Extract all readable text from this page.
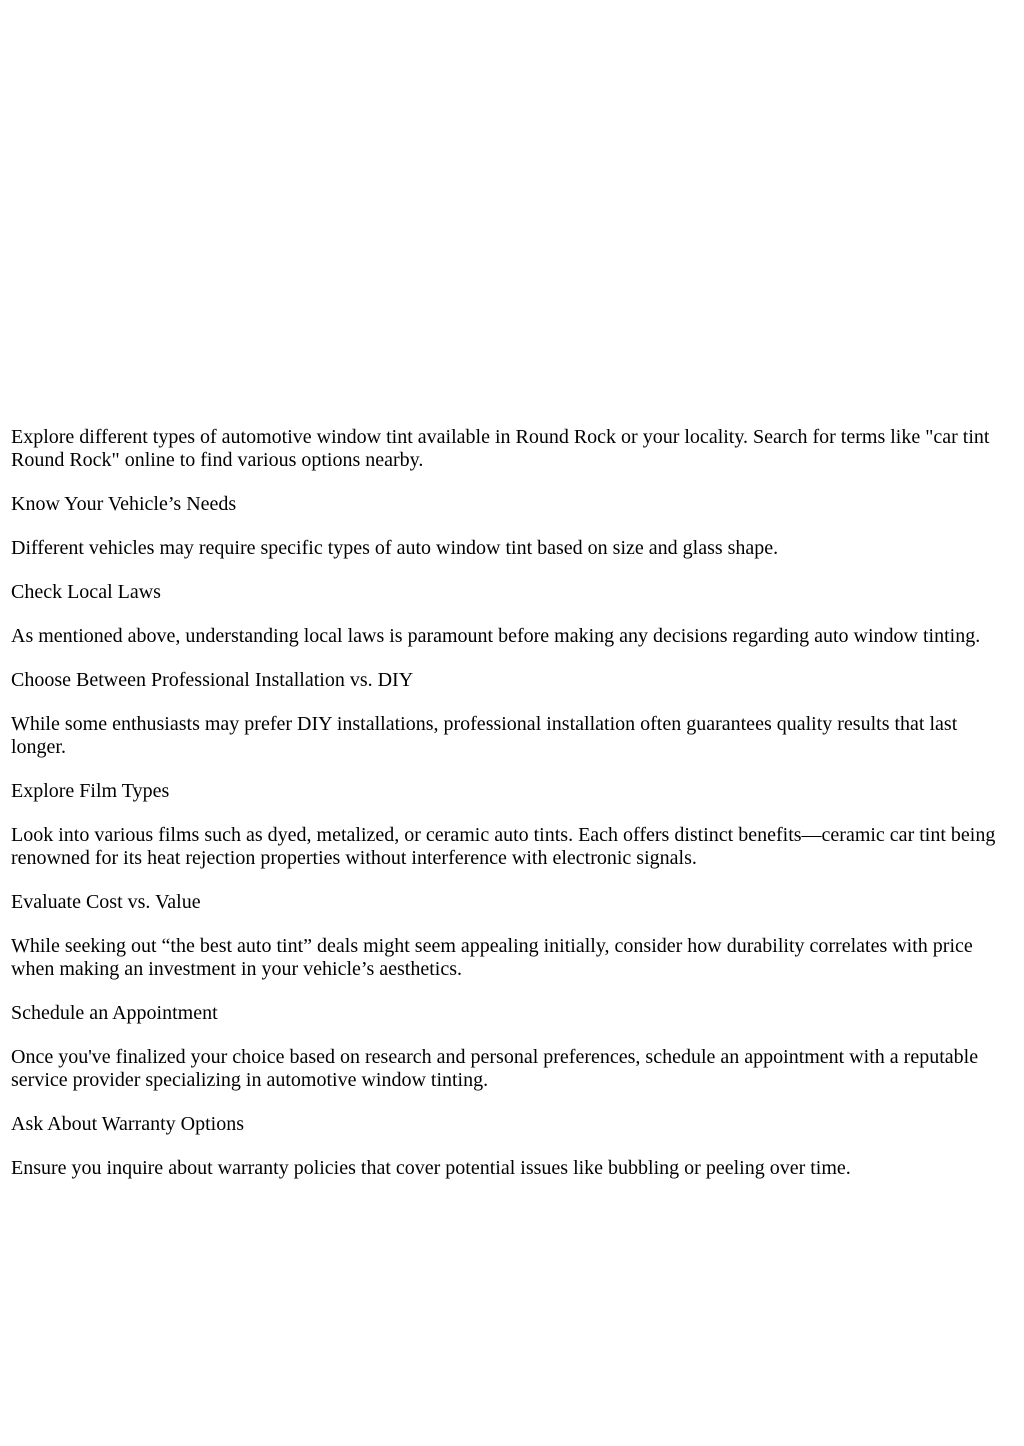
Explore different types of automotive window tint available in Round Rock or your locality. Search for terms like "car tint Round Rock" online to find various options nearby.

Know Your Vehicle’s Needs

Different vehicles may require specific types of auto window tint based on size and glass shape.

Check Local Laws

As mentioned above, understanding local laws is paramount before making any decisions regarding auto window tinting.

Choose Between Professional Installation vs. DIY

While some enthusiasts may prefer DIY installations, professional installation often guarantees quality results that last longer.

Explore Film Types

Look into various films such as dyed, metalized, or ceramic auto tints. Each offers distinct benefits—ceramic car tint being renowned for its heat rejection properties without interference with electronic signals.

Evaluate Cost vs. Value

While seeking out “the best auto tint” deals might seem appealing initially, consider how durability correlates with price when making an investment in your vehicle’s aesthetics.

Schedule an Appointment

Once you've finalized your choice based on research and personal preferences, schedule an appointment with a reputable service provider specializing in automotive window tinting.

Ask About Warranty Options

Ensure you inquire about warranty policies that cover potential issues like bubbling or peeling over time.
